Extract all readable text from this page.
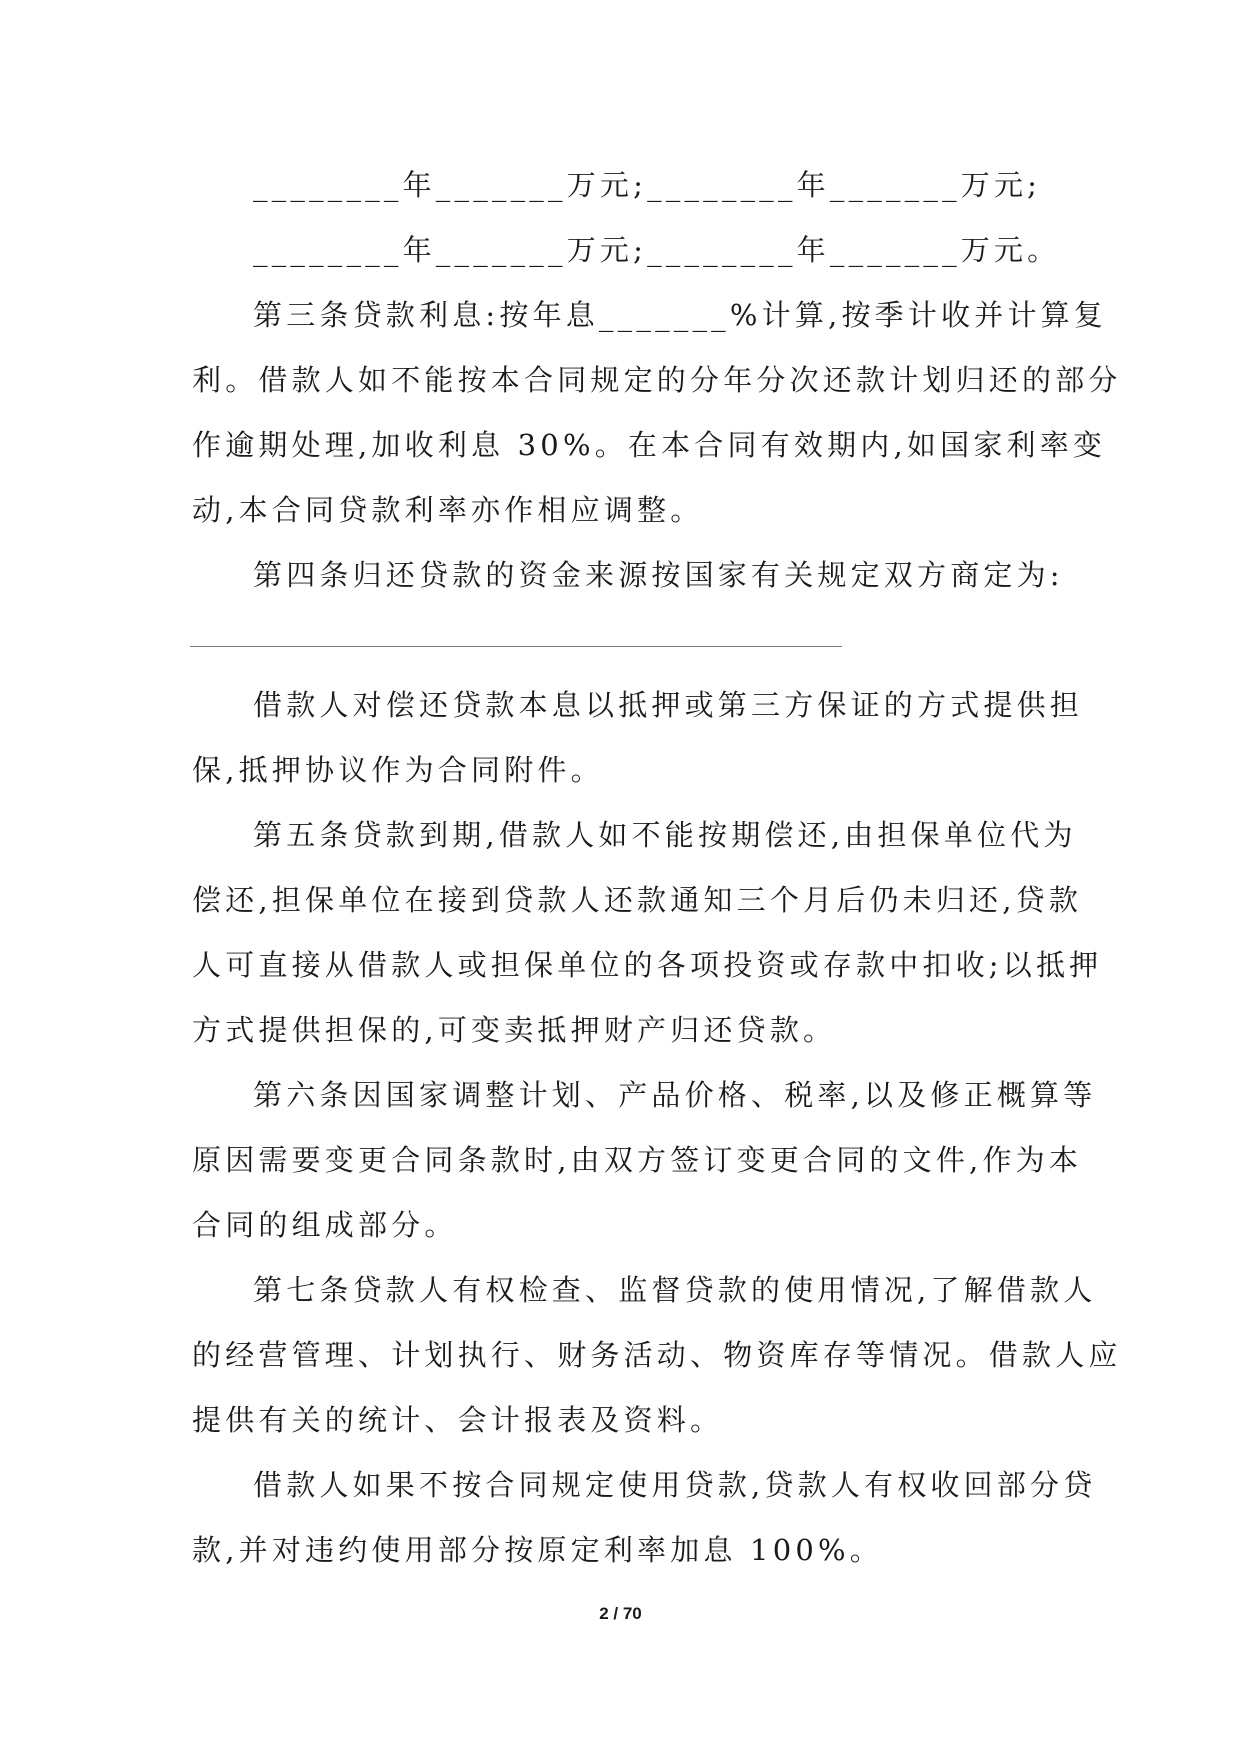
________年_______万元;________年_______万元;
________年_______万元;________年_______万元。
第三条贷款利息:按年息_______%计算,按季计收并计算复
利。借款人如不能按本合同规定的分年分次还款计划归还的部分
作逾期处理,加收利息 30%。在本合同有效期内,如国家利率变
动,本合同贷款利率亦作相应调整。
第四条归还贷款的资金来源按国家有关规定双方商定为:
借款人对偿还贷款本息以抵押或第三方保证的方式提供担
保,抵押协议作为合同附件。
第五条贷款到期,借款人如不能按期偿还,由担保单位代为
偿还,担保单位在接到贷款人还款通知三个月后仍未归还,贷款
人可直接从借款人或担保单位的各项投资或存款中扣收;以抵押
方式提供担保的,可变卖抵押财产归还贷款。
第六条因国家调整计划、产品价格、税率,以及修正概算等
原因需要变更合同条款时,由双方签订变更合同的文件,作为本
合同的组成部分。
第七条贷款人有权检查、监督贷款的使用情况,了解借款人
的经营管理、计划执行、财务活动、物资库存等情况。借款人应
提供有关的统计、会计报表及资料。
借款人如果不按合同规定使用贷款,贷款人有权收回部分贷
款,并对违约使用部分按原定利率加息 100%。
2 / 70
